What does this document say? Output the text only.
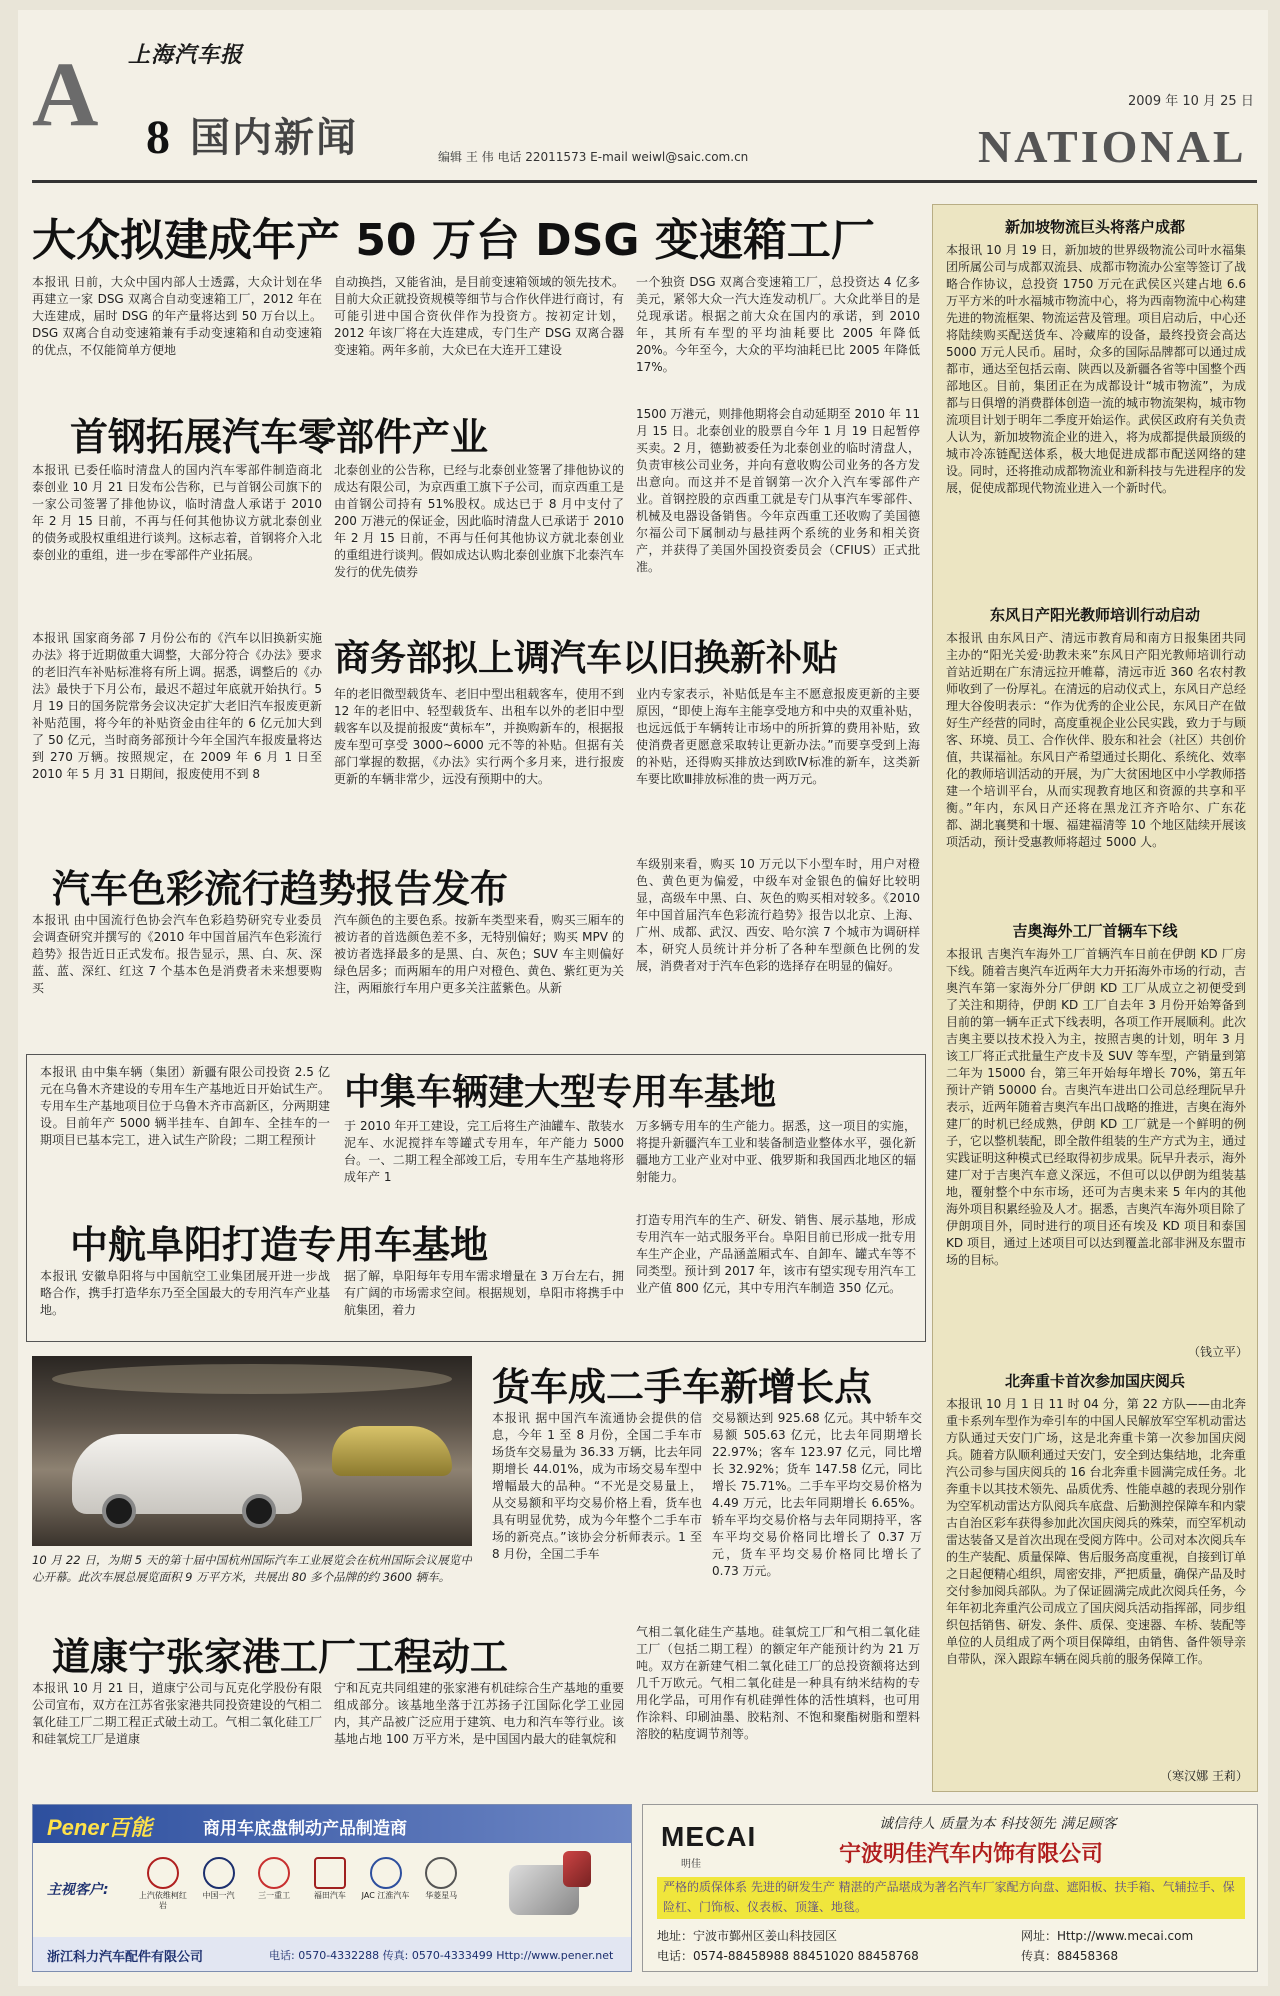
上海汽车报
A 8 国内新闻	编辑 王 伟 电话 22011573 E-mail weiwl@saic.com.cn
2009 年 10 月 25 日
NATIONAL
大众拟建成年产 50 万台 DSG 变速箱工厂
本报讯 日前，大众中国内部人士透露，大众计划在华再建立一家 DSG 双离合自动变速箱工厂，2012 年在大连建成，届时 DSG 的年产量将达到 50 万台以上。DSG 双离合自动变速箱兼有手动变速箱和自动变速箱的优点，不仅能简单方便地
自动换挡，又能省油，是目前变速箱领域的领先技术。目前大众正就投资规模等细节与合作伙伴进行商讨，有可能引进中国合资伙伴作为投资方。按初定计划，2012 年该厂将在大连建成，专门生产 DSG 双离合器变速箱。两年多前，大众已在大连开工建设
一个独资 DSG 双离合变速箱工厂，总投资达 4 亿多美元，紧邻大众一汽大连发动机厂。大众此举目的是兑现承诺。根据之前大众在国内的承诺，到 2010 年，其所有车型的平均油耗要比 2005 年降低 20%。今年至今，大众的平均油耗已比 2005 年降低 17%。
首钢拓展汽车零部件产业
本报讯 已委任临时清盘人的国内汽车零部件制造商北泰创业 10 月 21 日发布公告称，已与首钢公司旗下的一家公司签署了排他协议，临时清盘人承诺于 2010 年 2 月 15 日前，不再与任何其他协议方就北泰创业的债务或股权重组进行谈判。这标志着，首钢将介入北泰创业的重组，进一步在零部件产业拓展。
北泰创业的公告称，已经与北泰创业签署了排他协议的成达有限公司，为京西重工旗下子公司，而京西重工是由首钢公司持有 51%股权。成达已于 8 月中支付了 200 万港元的保证金，因此临时清盘人已承诺于 2010 年 2 月 15 日前，不再与任何其他协议方就北泰创业的重组进行谈判。假如成达认购北泰创业旗下北泰汽车发行的优先债券
1500 万港元，则排他期将会自动延期至 2010 年 11 月 15 日。北泰创业的股票自今年 1 月 19 日起暂停买卖。2 月，德勤被委任为北泰创业的临时清盘人，负责审核公司业务，并向有意收购公司业务的各方发出意向。而这并不是首钢第一次介入汽车零部件产业。首钢控股的京西重工就是专门从事汽车零部件、机械及电器设备销售。今年京西重工还收购了美国德尔福公司下属制动与悬挂两个系统的业务和相关资产，并获得了美国外国投资委员会（CFIUS）正式批准。
本报讯 国家商务部 7 月份公布的《汽车以旧换新实施办法》将于近期做重大调整，大部分符合《办法》要求的老旧汽车补贴标准将有所上调。据悉，调整后的《办法》最快于下月公布，最迟不超过年底就开始执行。5 月 19 日的国务院常务会议决定扩大老旧汽车报废更新补贴范围，将今年的补贴资金由往年的 6 亿元加大到了 50 亿元，当时商务部预计今年全国汽车报废量将达到 270 万辆。按照规定，在 2009 年 6 月 1 日至 2010 年 5 月 31 日期间，报废使用不到 8
商务部拟上调汽车以旧换新补贴
年的老旧微型载货车、老旧中型出租载客车，使用不到 12 年的老旧中、轻型载货车、出租车以外的老旧中型载客车以及提前报废“黄标车”，并换购新车的，根据报废车型可享受 3000~6000 元不等的补贴。但据有关部门掌握的数据，《办法》实行两个多月来，进行报废更新的车辆非常少，远没有预期中的大。
业内专家表示，补贴低是车主不愿意报废更新的主要原因，“即使上海车主能享受地方和中央的双重补贴，也远远低于车辆转让市场中的所折算的费用补贴，致使消费者更愿意采取转让更新办法。”而要享受到上海的补贴，还得购买排放达到欧Ⅳ标准的新车，这类新车要比欧Ⅲ排放标准的贵一两万元。
汽车色彩流行趋势报告发布
本报讯 由中国流行色协会汽车色彩趋势研究专业委员会调查研究并撰写的《2010 年中国首届汽车色彩流行趋势》报告近日正式发布。报告显示，黑、白、灰、深蓝、蓝、深红、红这 7 个基本色是消费者未来想要购买
汽车颜色的主要色系。按新车类型来看，购买三厢车的被访者的首选颜色差不多，无特别偏好；购买 MPV 的被访者选择最多的是黑、白、灰色；SUV 车主则偏好绿色居多；而两厢车的用户对橙色、黄色、紫红更为关注，两厢旅行车用户更多关注蓝紫色。从新
车级别来看，购买 10 万元以下小型车时，用户对橙色、黄色更为偏爱，中级车对金银色的偏好比较明显，高级车中黑、白、灰色的购买相对较多。《2010 年中国首届汽车色彩流行趋势》报告以北京、上海、广州、成都、武汉、西安、哈尔滨 7 个城市为调研样本，研究人员统计并分析了各种车型颜色比例的发展，消费者对于汽车色彩的选择存在明显的偏好。
本报讯 由中集车辆（集团）新疆有限公司投资 2.5 亿元在乌鲁木齐建设的专用车生产基地近日开始试生产。专用车生产基地项目位于乌鲁木齐市高新区，分两期建设。目前年产 5000 辆半挂车、自卸车、全挂车的一期项目已基本完工，进入试生产阶段；二期工程预计
中集车辆建大型专用车基地
于 2010 年开工建设，完工后将生产油罐车、散装水泥车、水泥搅拌车等罐式专用车，年产能力 5000 台。一、二期工程全部竣工后，专用车生产基地将形成年产 1
万多辆专用车的生产能力。据悉，这一项目的实施，将提升新疆汽车工业和装备制造业整体水平，强化新疆地方工业产业对中亚、俄罗斯和我国西北地区的辐射能力。
中航阜阳打造专用车基地
本报讯 安徽阜阳将与中国航空工业集团展开进一步战略合作，携手打造华东乃至全国最大的专用汽车产业基地。
据了解，阜阳每年专用车需求增量在 3 万台左右，拥有广阔的市场需求空间。根据规划，阜阳市将携手中航集团，着力
打造专用汽车的生产、研发、销售、展示基地，形成专用汽车一站式服务平台。阜阳目前已形成一批专用车生产企业，产品涵盖厢式车、自卸车、罐式车等不同类型。预计到 2017 年，该市有望实现专用汽车工业产值 800 亿元，其中专用汽车制造 350 亿元。
10 月 22 日，为期 5 天的第十届中国杭州国际汽车工业展览会在杭州国际会议展览中心开幕。此次车展总展览面积 9 万平方米，共展出 80 多个品牌的约 3600 辆车。
货车成二手车新增长点
本报讯 据中国汽车流通协会提供的信息，今年 1 至 8 月份，全国二手车市场货车交易量为 36.33 万辆，比去年同期增长 44.01%，成为市场交易车型中增幅最大的品种。“不光是交易量上，从交易额和平均交易价格上看，货车也具有明显优势，成为今年整个二手车市场的新亮点。”该协会分析师表示。1 至 8 月份，全国二手车
交易额达到 925.68 亿元。其中轿车交易额 505.63 亿元，比去年同期增长 22.97%；客车 123.97 亿元，同比增长 32.92%；货车 147.58 亿元，同比增长 75.71%。二手车平均交易价格为 4.49 万元，比去年同期增长 6.65%。轿车平均交易价格与去年同期持平，客车平均交易价格同比增长了 0.37 万元，货车平均交易价格同比增长了 0.73 万元。
道康宁张家港工厂工程动工
本报讯 10 月 21 日，道康宁公司与瓦克化学股份有限公司宣布，双方在江苏省张家港共同投资建设的气相二氧化硅工厂二期工程正式破土动工。气相二氧化硅工厂和硅氧烷工厂是道康
宁和瓦克共同组建的张家港有机硅综合生产基地的重要组成部分。该基地坐落于江苏扬子江国际化学工业园内，其产品被广泛应用于建筑、电力和汽车等行业。该基地占地 100 万平方米，是中国国内最大的硅氧烷和
气相二氧化硅生产基地。硅氧烷工厂和气相二氧化硅工厂（包括二期工程）的额定年产能预计约为 21 万吨。双方在新建气相二氧化硅工厂的总投资额将达到几千万欧元。气相二氧化硅是一种具有纳米结构的专用化学品，可用作有机硅弹性体的活性填料，也可用作涂料、印刷油墨、胶粘剂、不饱和聚酯树脂和塑料溶胶的粘度调节剂等。
新加坡物流巨头将落户成都
本报讯 10 月 19 日，新加坡的世界级物流公司叶水福集团所属公司与成都双流县、成都市物流办公室等签订了战略合作协议，总投资 1750 万元在武侯区兴建占地 6.6 万平方米的叶水福城市物流中心，将为西南物流中心构建先进的物流框架、物流运营及管理。项目启动后，中心还将陆续购买配送货车、冷藏库的设备，最终投资会高达 5000 万元人民币。届时，众多的国际品牌都可以通过成都市，通达至包括云南、陕西以及新疆各省等中国整个西部地区。目前，集团正在为成都设计“城市物流”，为成都与日俱增的消费群体创造一流的城市物流架构，城市物流项目计划于明年二季度开始运作。武侯区政府有关负责人认为，新加坡物流企业的进入，将为成都提供最顶级的城市冷冻链配送体系，极大地促进成都市配送网络的建设。同时，还将推动成都物流业和新科技与先进程序的发展，促使成都现代物流业进入一个新时代。
东风日产阳光教师培训行动启动
本报讯 由东风日产、清远市教育局和南方日报集团共同主办的“阳光关爱·助教未来”东风日产阳光教师培训行动首站近期在广东清远拉开帷幕，清远市近 360 名农村教师收到了一份厚礼。在清远的启动仪式上，东风日产总经理大谷俊明表示：“作为优秀的企业公民，东风日产在做好生产经营的同时，高度重视企业公民实践，致力于与顾客、环境、员工、合作伙伴、股东和社会（社区）共创价值，共谋福祉。东风日产希望通过长期化、系统化、效率化的教师培训活动的开展，为广大贫困地区中小学教师搭建一个培训平台，从而实现教育地区和资源的共享和平衡。”年内，东风日产还将在黑龙江齐齐哈尔、广东花都、湖北襄樊和十堰、福建福清等 10 个地区陆续开展该项活动，预计受惠教师将超过 5000 人。
吉奥海外工厂首辆车下线
本报讯 吉奥汽车海外工厂首辆汽车日前在伊朗 KD 厂房下线。随着吉奥汽车近两年大力开拓海外市场的行动，吉奥汽车第一家海外分厂伊朗 KD 工厂从成立之初便受到了关注和期待，伊朗 KD 工厂自去年 3 月份开始筹备到目前的第一辆车正式下线表明，各项工作开展顺利。此次吉奥主要以技术投入为主，按照吉奥的计划，明年 3 月该工厂将正式批量生产皮卡及 SUV 等车型，产销量到第二年为 15000 台，第三年开始每年增长 70%，第五年预计产销 50000 台。吉奥汽车进出口公司总经理阮早升表示，近两年随着吉奥汽车出口战略的推进，吉奥在海外建厂的时机已经成熟，伊朗 KD 工厂就是一个鲜明的例子，它以整机装配，即全散件组装的生产方式为主，通过实践证明这种模式已经取得初步成果。阮早升表示，海外建厂对于吉奥汽车意义深远，不但可以以伊朗为组装基地，覆射整个中东市场，还可为吉奥未来 5 年内的其他海外项目积累经验及人才。据悉，吉奥汽车海外项目除了伊朗项目外，同时进行的项目还有埃及 KD 项目和泰国 KD 项目，通过上述项目可以达到覆盖北部非洲及东盟市场的目标。
（钱立平）
北奔重卡首次参加国庆阅兵
本报讯 10 月 1 日 11 时 04 分，第 22 方队——由北奔重卡系列车型作为牵引车的中国人民解放军空军机动雷达方队通过天安门广场，这是北奔重卡第一次参加国庆阅兵。随着方队顺利通过天安门，安全到达集结地，北奔重汽公司参与国庆阅兵的 16 台北奔重卡圆满完成任务。北奔重卡以其技术领先、品质优秀、性能卓越的表现分别作为空军机动雷达方队阅兵车底盘、后勤测控保障车和内蒙古自治区彩车获得参加此次国庆阅兵的殊荣，而空军机动雷达装备又是首次出现在受阅方阵中。公司对本次阅兵车的生产装配、质量保障、售后服务高度重视，自接到订单之日起便精心组织，周密安排，严把质量，确保产品及时交付参加阅兵部队。为了保证圆满完成此次阅兵任务，今年年初北奔重汽公司成立了国庆阅兵活动指挥部，同步组织包括销售、研发、条件、质保、变速器、车桥、装配等单位的人员组成了两个项目保障组，由销售、备件领导亲自带队，深入跟踪车辆在阅兵前的服务保障工作。
（寒汉娜 王莉）
Pener百能	商用车底盘制动产品制造商
主视客户:	上汽依维柯红岩
中国一汽	三一重工	福田汽车	JAC 江淮汽车	华菱星马
浙江科力汽车配件有限公司	电话: 0570-4332288 传真: 0570-4333499 Http://www.pener.net
MECAI
明佳
诚信待人 质量为本 科技领先 满足顾客
宁波明佳汽车内饰有限公司
严格的质保体系 先进的研发生产 精湛的产品堪成为著名汽车厂家配方向盘、遮阳板、扶手箱、气辅拉手、保险杠、门饰板、仪表板、顶篷、地毯。
地址：宁波市鄞州区姜山科技园区
电话：0574-88458988 88451020 88458768
网址：Http://www.mecai.com
传真：88458368
